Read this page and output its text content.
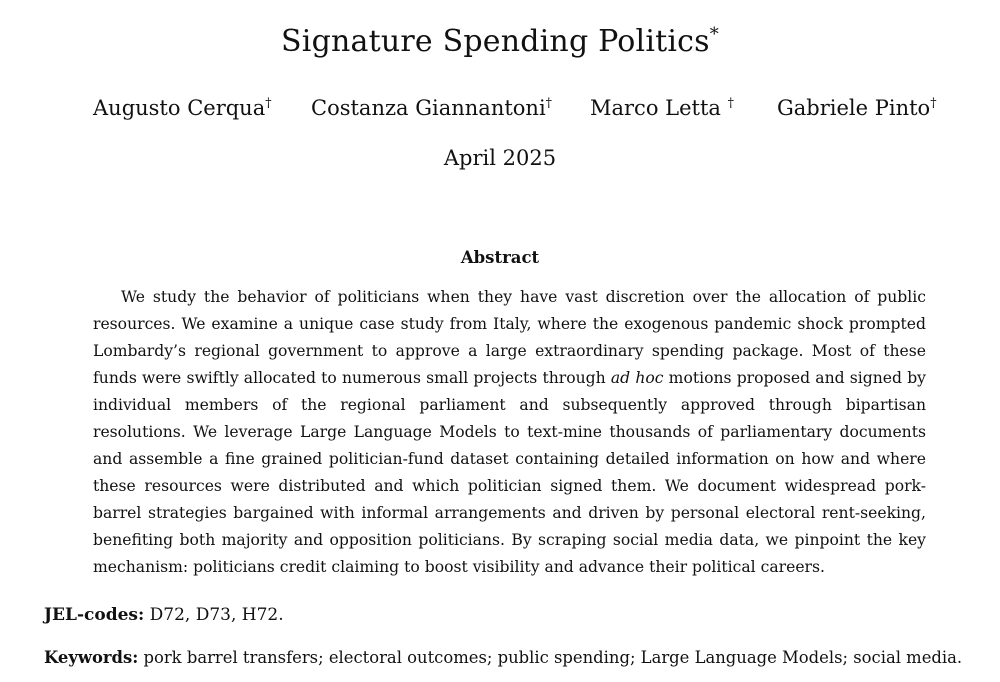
Signature Spending Politics*
Augusto Cerqua† Costanza Giannantoni† Marco Letta † Gabriele Pinto†
April 2025
Abstract

We study the behavior of politicians when they have vast discretion over the allocation of public resources. We examine a unique case study from Italy, where the exogenous pandemic shock prompted Lombardy’s regional government to approve a large extraordinary spending package. Most of these funds were swiftly allocated to numerous small projects through ad hoc motions proposed and signed by individual members of the regional parliament and subsequently approved through bipartisan resolutions. We leverage Large Language Models to text-mine thousands of parliamentary documents and assemble a fine grained politician-fund dataset containing detailed information on how and where these resources were distributed and which politician signed them. We document widespread pork-barrel strategies bargained with informal arrangements and driven by personal electoral rent-seeking, benefiting both majority and opposition politicians. By scraping social media data, we pinpoint the key mechanism: politicians credit claiming to boost visibility and advance their political careers.

JEL-codes: D72, D73, H72.
Keywords: pork barrel transfers; electoral outcomes; public spending; Large Language Models; social media.
